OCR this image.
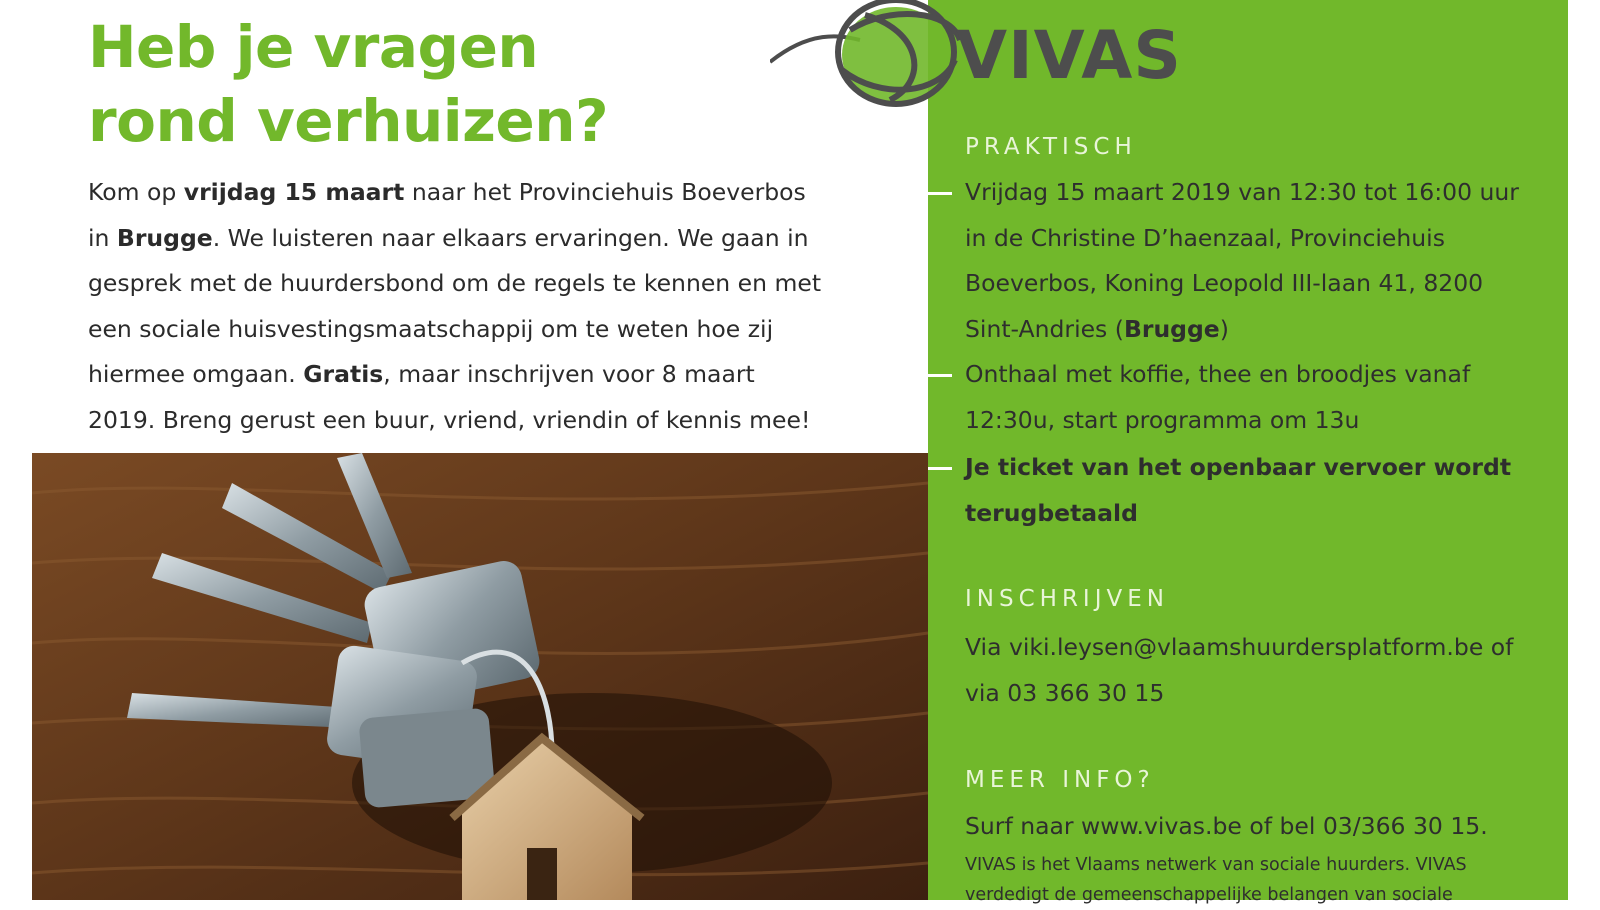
Heb je vragen
rond verhuizen?

Kom op vrijdag 15 maart naar het Provinciehuis Boeverbos in Brugge. We luisteren naar elkaars ervaringen. We gaan in gesprek met de huurdersbond om de regels te kennen en met een sociale huisvestingsmaatschappij om te weten hoe zij hiermee omgaan. Gratis, maar inschrijven voor 8 maart 2019. Breng gerust een buur, vriend, vriendin of kennis mee!

VIVAS
PRAKTISCH

Vrijdag 15 maart 2019 van 12:30 tot 16:00 uur in de Christine D’haenzaal, Provinciehuis Boeverbos, Koning Leopold III-laan 41, 8200 Sint-Andries (Brugge)

Onthaal met koffie, thee en broodjes vanaf 12:30u, start programma om 13u

Je ticket van het openbaar vervoer wordt terugbetaald

INSCHRIJVEN

Via viki.leysen@vlaamshuurdersplatform.be of via 03 366 30 15

MEER INFO?

Surf naar www.vivas.be of bel 03/366 30 15.

VIVAS is het Vlaams netwerk van sociale huurders. VIVAS verdedigt de gemeenschappelijke belangen van sociale
